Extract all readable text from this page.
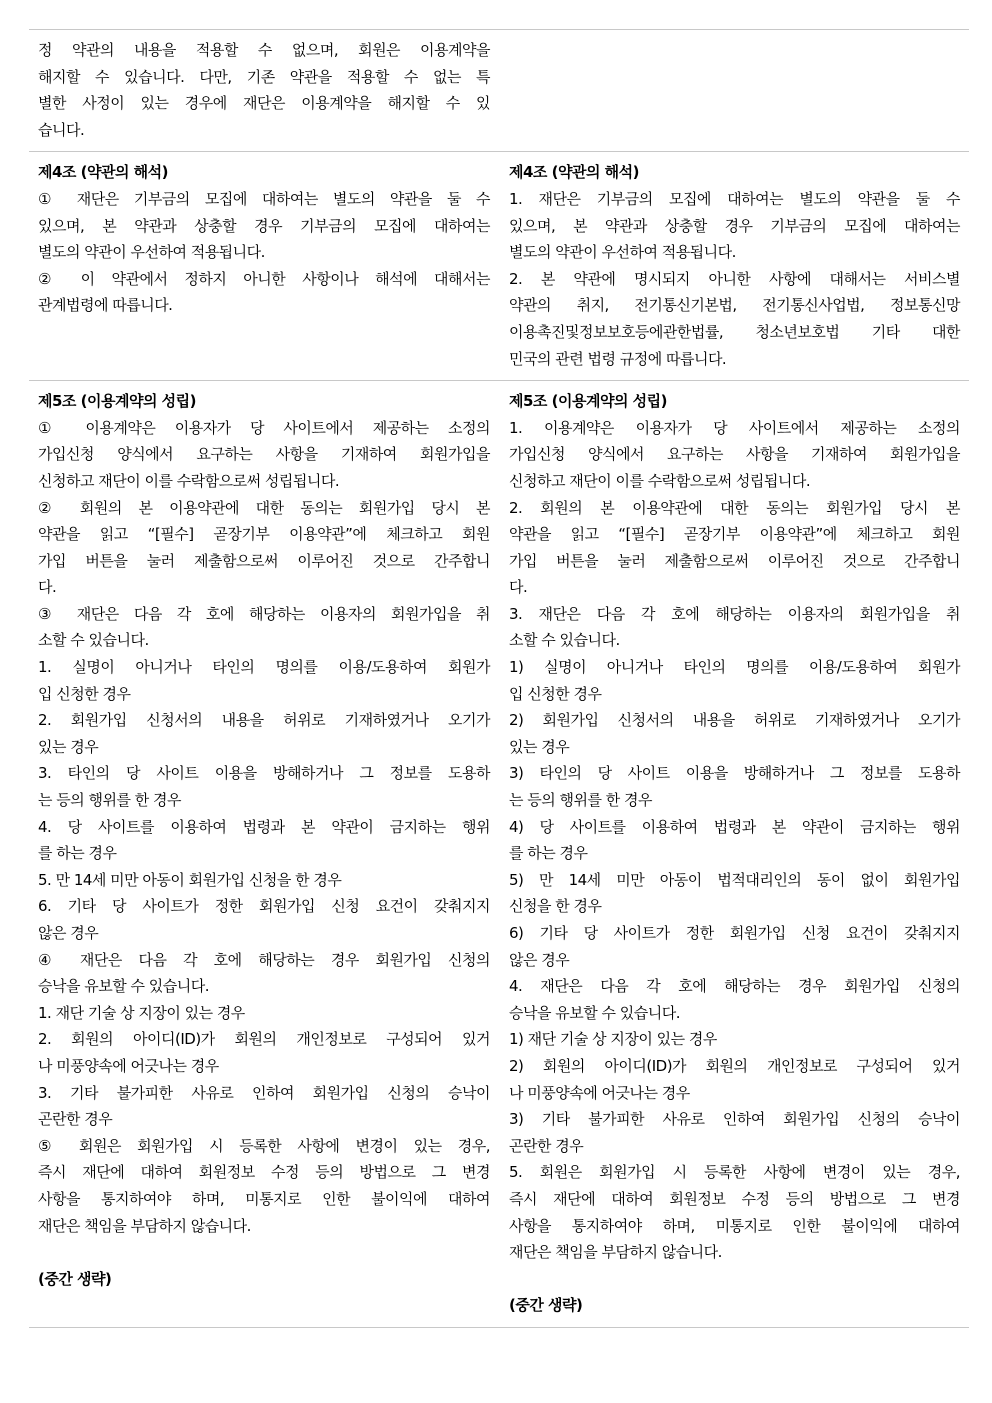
정 약관의 내용을 적용할 수 없으며, 회원은 이용계약을
해지할 수 있습니다. 다만, 기존 약관을 적용할 수 없는 특
별한 사정이 있는 경우에 재단은 이용계약을 해지할 수 있
습니다.
제4조 (약관의 해석)
① 재단은 기부금의 모집에 대하여는 별도의 약관을 둘 수
있으며, 본 약관과 상충할 경우 기부금의 모집에 대하여는
별도의 약관이 우선하여 적용됩니다.
② 이 약관에서 정하지 아니한 사항이나 해석에 대해서는
관계법령에 따릅니다.
제4조 (약관의 해석)
1. 재단은 기부금의 모집에 대하여는 별도의 약관을 둘 수
있으며, 본 약관과 상충할 경우 기부금의 모집에 대하여는
별도의 약관이 우선하여 적용됩니다.
2. 본 약관에 명시되지 아니한 사항에 대해서는 서비스별
약관의 취지, 전기통신기본법, 전기통신사업법, 정보통신망
이용촉진및정보보호등에관한법률, 청소년보호법 기타 대한
민국의 관련 법령 규정에 따릅니다.
제5조 (이용계약의 성립)
① 이용계약은 이용자가 당 사이트에서 제공하는 소정의
가입신청 양식에서 요구하는 사항을 기재하여 회원가입을
신청하고 재단이 이를 수락함으로써 성립됩니다.
② 회원의 본 이용약관에 대한 동의는 회원가입 당시 본
약관을 읽고 “[필수] 곧장기부 이용약관”에 체크하고 회원
가입 버튼을 눌러 제출함으로써 이루어진 것으로 간주합니
다.
③ 재단은 다음 각 호에 해당하는 이용자의 회원가입을 취
소할 수 있습니다.
1. 실명이 아니거나 타인의 명의를 이용/도용하여 회원가
입 신청한 경우
2. 회원가입 신청서의 내용을 허위로 기재하였거나 오기가
있는 경우
3. 타인의 당 사이트 이용을 방해하거나 그 정보를 도용하
는 등의 행위를 한 경우
4. 당 사이트를 이용하여 법령과 본 약관이 금지하는 행위
를 하는 경우
5. 만 14세 미만 아동이 회원가입 신청을 한 경우
6. 기타 당 사이트가 정한 회원가입 신청 요건이 갖춰지지
않은 경우
④ 재단은 다음 각 호에 해당하는 경우 회원가입 신청의
승낙을 유보할 수 있습니다.
1. 재단 기술 상 지장이 있는 경우
2. 회원의 아이디(ID)가 회원의 개인정보로 구성되어 있거
나 미풍양속에 어긋나는 경우
3. 기타 불가피한 사유로 인하여 회원가입 신청의 승낙이
곤란한 경우
⑤ 회원은 회원가입 시 등록한 사항에 변경이 있는 경우,
즉시 재단에 대하여 회원정보 수정 등의 방법으로 그 변경
사항을 통지하여야 하며, 미통지로 인한 불이익에 대하여
재단은 책임을 부담하지 않습니다.
(중간 생략)
제5조 (이용계약의 성립)
1. 이용계약은 이용자가 당 사이트에서 제공하는 소정의
가입신청 양식에서 요구하는 사항을 기재하여 회원가입을
신청하고 재단이 이를 수락함으로써 성립됩니다.
2. 회원의 본 이용약관에 대한 동의는 회원가입 당시 본
약관을 읽고 “[필수] 곧장기부 이용약관”에 체크하고 회원
가입 버튼을 눌러 제출함으로써 이루어진 것으로 간주합니
다.
3. 재단은 다음 각 호에 해당하는 이용자의 회원가입을 취
소할 수 있습니다.
1) 실명이 아니거나 타인의 명의를 이용/도용하여 회원가
입 신청한 경우
2) 회원가입 신청서의 내용을 허위로 기재하였거나 오기가
있는 경우
3) 타인의 당 사이트 이용을 방해하거나 그 정보를 도용하
는 등의 행위를 한 경우
4) 당 사이트를 이용하여 법령과 본 약관이 금지하는 행위
를 하는 경우
5) 만 14세 미만 아동이 법적대리인의 동이 없이 회원가입
신청을 한 경우
6) 기타 당 사이트가 정한 회원가입 신청 요건이 갖춰지지
않은 경우
4. 재단은 다음 각 호에 해당하는 경우 회원가입 신청의
승낙을 유보할 수 있습니다.
1) 재단 기술 상 지장이 있는 경우
2) 회원의 아이디(ID)가 회원의 개인정보로 구성되어 있거
나 미풍양속에 어긋나는 경우
3) 기타 불가피한 사유로 인하여 회원가입 신청의 승낙이
곤란한 경우
5. 회원은 회원가입 시 등록한 사항에 변경이 있는 경우,
즉시 재단에 대하여 회원정보 수정 등의 방법으로 그 변경
사항을 통지하여야 하며, 미통지로 인한 불이익에 대하여
재단은 책임을 부담하지 않습니다.
(중간 생략)
